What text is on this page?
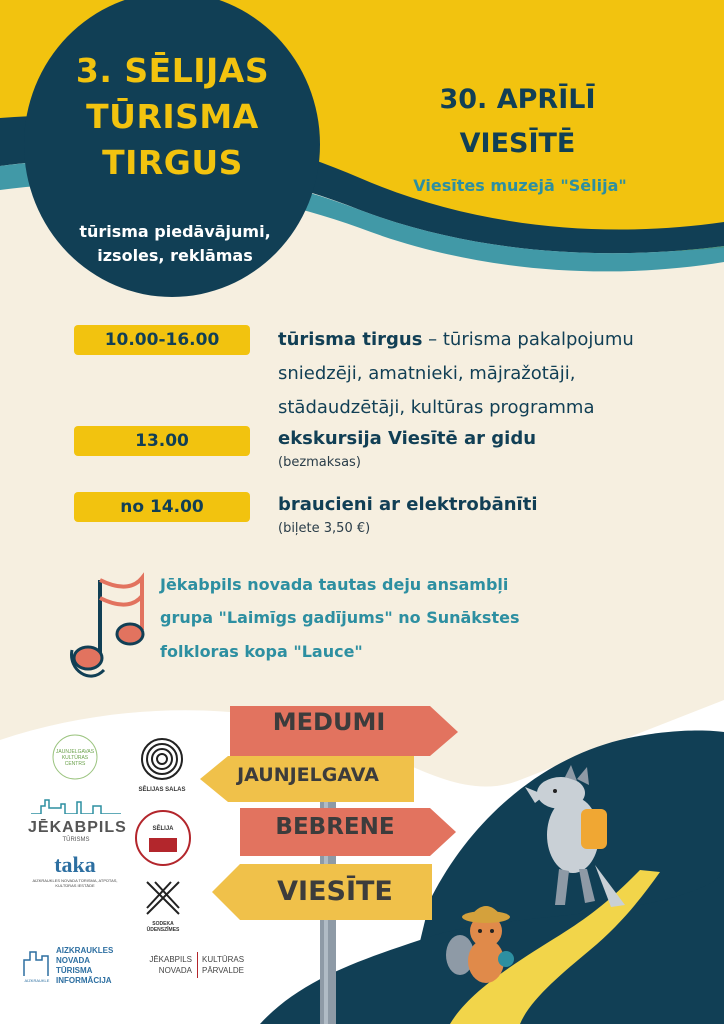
3. SĒLIJAS
TŪRISMA
TIRGUS
tūrisma piedāvājumi,
izsoles, reklāmas
30. APRĪLĪ
VIESĪTĒ
Viesītes muzejā "Sēlija"
10.00-16.00	tūrisma tirgus – tūrisma pakalpojumu
sniedzēji, amatnieki, mājražotāji,
stādaudzētāji, kultūras programma
13.00	ekskursija Viesītē ar gidu
(bezmaksas)
no 14.00	braucieni ar elektrobānīti
(biļete 3,50 €)
Jēkabpils novada tautas deju ansambļi
grupa "Laimīgs gadījums" no Sunākstes
folkloras kopa "Lauce"
MEDUMI
JAUNJELGAVA
BEBRENE
VIESĪTE
JAUNJELGAVAS KULTŪRAS CENTRS
SĒLIJAS SALAS
JĒKABPILS
TŪRISMS
SĒLIJA
taka
AIZKRAUKLES NOVADA TŪRISMA, ATPŪTAS, KULTŪRAS IESTĀDE
SODEKA ŪDENSZĪMES
AIZKRAUKLE
AIZKRAUKLES
NOVADA
TŪRISMA
INFORMĀCIJA
JĒKABPILS
NOVADA
KULTŪRAS
PĀRVALDE
